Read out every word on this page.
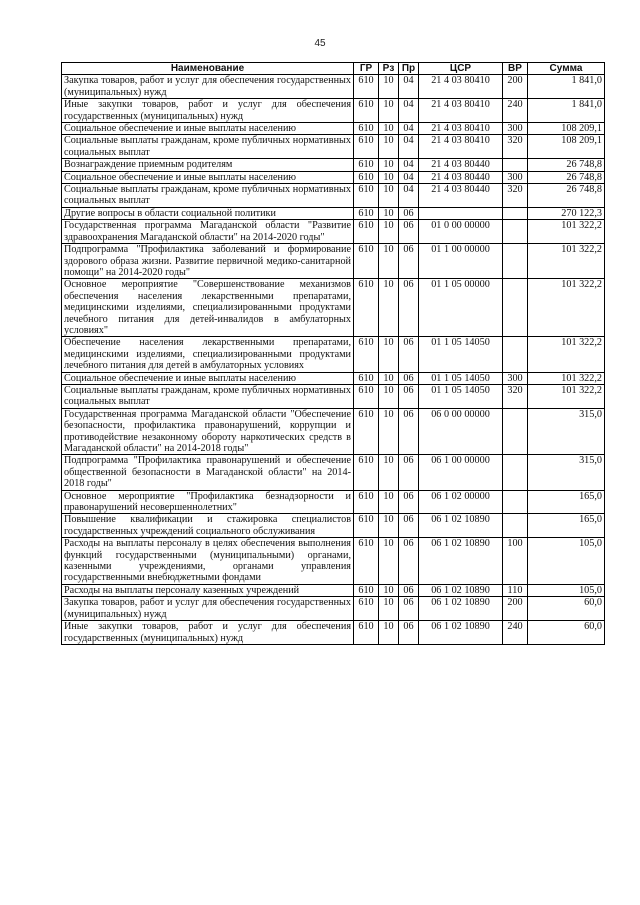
45
Наименование	ГР	Рз	Пр	ЦСР	ВР	Сумма
Закупка товаров, работ и услуг для обеспечения государственных (муниципальных) нужд	610	10	04	21 4 03 80410	200	1 841,0
Иные закупки товаров, работ и услуг для обеспечения государственных (муниципальных) нужд	610	10	04	21 4 03 80410	240	1 841,0
Социальное обеспечение и иные выплаты населению	610	10	04	21 4 03 80410	300	108 209,1
Социальные выплаты гражданам, кроме публичных нормативных социальных выплат	610	10	04	21 4 03 80410	320	108 209,1
Вознаграждение приемным родителям	610	10	04	21 4 03 80440		26 748,8
Социальное обеспечение и иные выплаты населению	610	10	04	21 4 03 80440	300	26 748,8
Социальные выплаты гражданам, кроме публичных нормативных социальных выплат	610	10	04	21 4 03 80440	320	26 748,8
Другие вопросы в области социальной политики	610	10	06			270 122,3
Государственная программа Магаданской области "Развитие здравоохранения Магаданской области" на 2014-2020 годы"	610	10	06	01 0 00 00000		101 322,2
Подпрограмма "Профилактика заболеваний и формирование здорового образа жизни. Развитие первичной медико-санитарной помощи" на 2014-2020 годы"	610	10	06	01 1 00 00000		101 322,2
Основное мероприятие "Совершенствование механизмов обеспечения населения лекарственными препаратами, медицинскими изделиями, специализированными продуктами лечебного питания для детей-инвалидов в амбулаторных условиях"	610	10	06	01 1 05 00000		101 322,2
Обеспечение населения лекарственными препаратами, медицинскими изделиями, специализированными продуктами лечебного питания для детей в амбулаторных условиях	610	10	06	01 1 05 14050		101 322,2
Социальное обеспечение и иные выплаты населению	610	10	06	01 1 05 14050	300	101 322,2
Социальные выплаты гражданам, кроме публичных нормативных социальных выплат	610	10	06	01 1 05 14050	320	101 322,2
Государственная программа Магаданской области "Обеспечение безопасности, профилактика правонарушений, коррупции и противодействие незаконному обороту наркотических средств в Магаданской области" на 2014-2018 годы"	610	10	06	06 0 00 00000		315,0
Подпрограмма "Профилактика правонарушений и обеспечение общественной безопасности в Магаданской области" на 2014-2018 годы"	610	10	06	06 1 00 00000		315,0
Основное мероприятие "Профилактика безнадзорности и правонарушений несовершеннолетних"	610	10	06	06 1 02 00000		165,0
Повышение квалификации и стажировка специалистов государственных учреждений социального обслуживания	610	10	06	06 1 02 10890		165,0
Расходы на выплаты персоналу в целях обеспечения выполнения функций государственными (муниципальными) органами, казенными учреждениями, органами управления государственными внебюджетными фондами	610	10	06	06 1 02 10890	100	105,0
Расходы на выплаты персоналу казенных учреждений	610	10	06	06 1 02 10890	110	105,0
Закупка товаров, работ и услуг для обеспечения государственных (муниципальных) нужд	610	10	06	06 1 02 10890	200	60,0
Иные закупки товаров, работ и услуг для обеспечения государственных (муниципальных) нужд	610	10	06	06 1 02 10890	240	60,0
